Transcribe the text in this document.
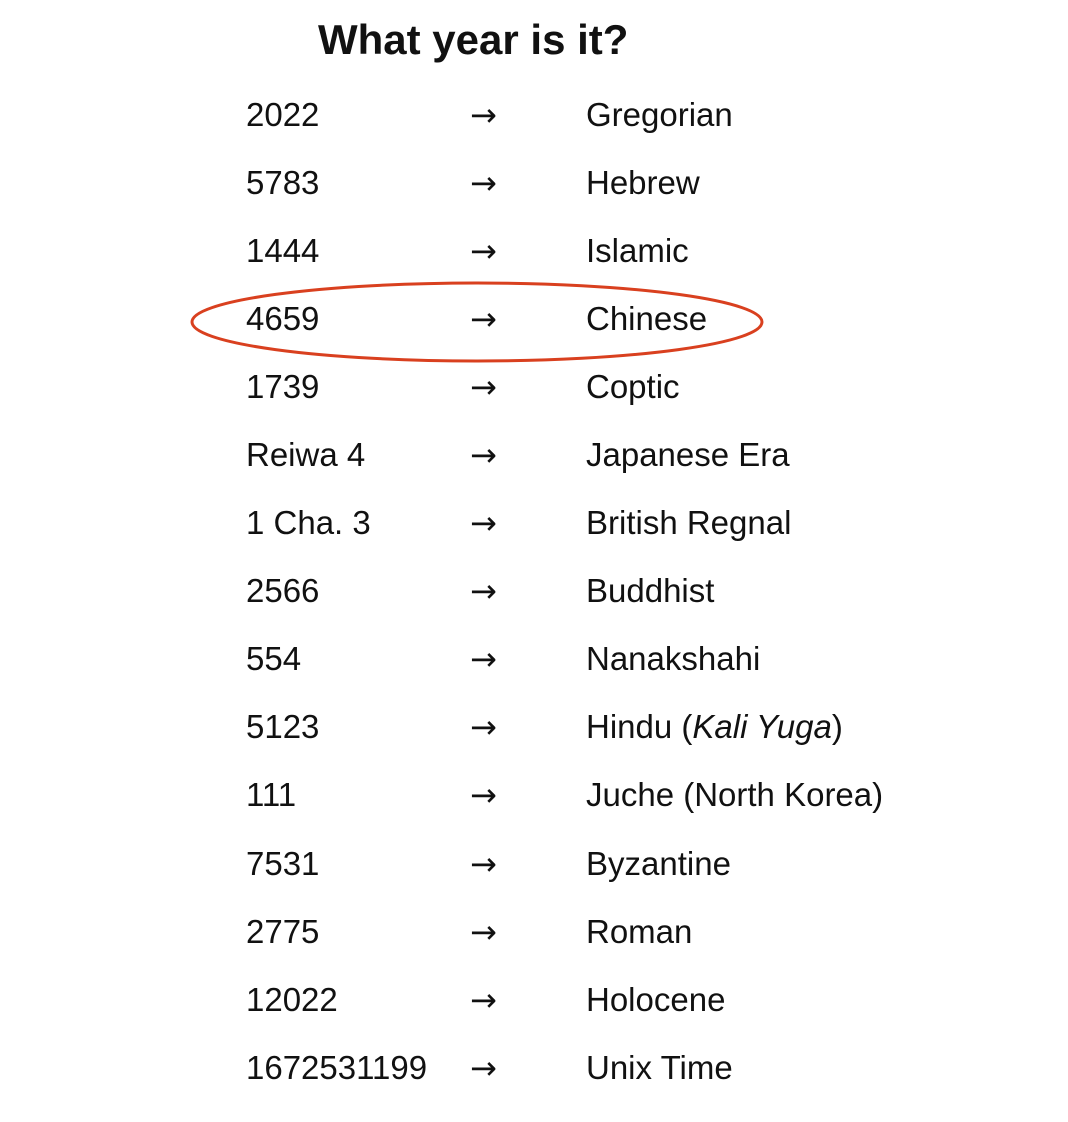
What year is it?
2022	→	Gregorian
5783	→	Hebrew
1444	→	Islamic
4659	→	Chinese
1739	→	Coptic
Reiwa 4	→	Japanese Era
1 Cha. 3	→	British Regnal
2566	→	Buddhist
554	→	Nanakshahi
5123	→	Hindu (Kali Yuga)
111	→	Juche (North Korea)
7531	→	Byzantine
2775	→	Roman
12022	→	Holocene
1672531199 →	Unix Time
